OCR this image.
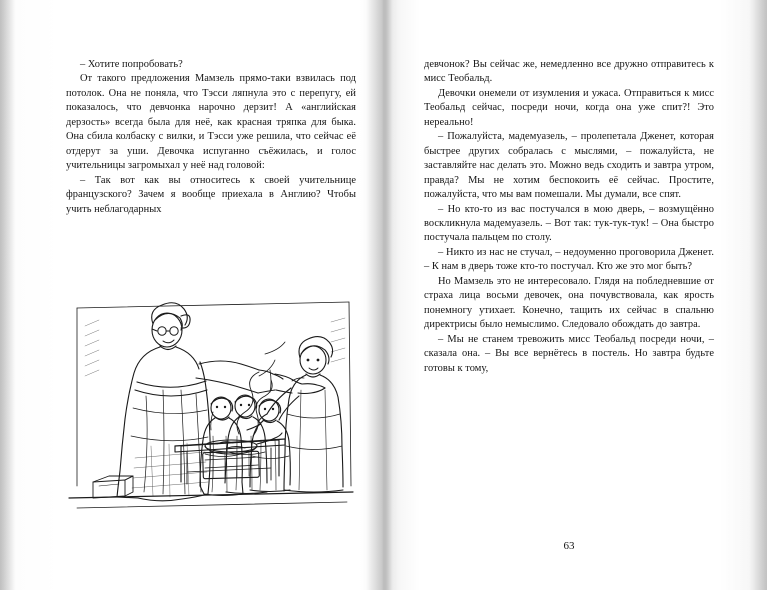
– Хотите попробовать?

От такого предложения Мамзель прямо-таки взвилась под потолок. Она не поняла, что Тэсси ляпнула это с перепугу, ей показалось, что девчонка нарочно дерзит! А «английская дерзость» всегда была для неё, как красная тряпка для быка. Она сбила колбаску с вилки, и Тэсси уже решила, что сейчас её отдерут за уши. Девочка испуганно съёжилась, и голос учительницы загромыхал у неё над головой:

– Так вот как вы относитесь к своей учительнице французского? Зачем я вообще приехала в Англию? Чтобы учить неблагодарных

девчонок? Вы сейчас же, немедленно все дружно отправитесь к мисс Теобальд.

Девочки онемели от изумления и ужаса. Отправиться к мисс Теобальд сейчас, посреди ночи, когда она уже спит?! Это нереально!

– Пожалуйста, мадемуазель, – пролепетала Дженет, которая быстрее других собралась с мыслями, – пожалуйста, не заставляйте нас делать это. Можно ведь сходить и завтра утром, правда? Мы не хотим беспокоить её сейчас. Простите, пожалуйста, что мы вам помешали. Мы думали, все спят.

– Но кто-то из вас постучался в мою дверь, – возмущённо воскликнула мадемуазель. – Вот так: тук-тук-тук! – Она быстро постучала пальцем по столу.

– Никто из нас не стучал, – недоуменно проговорила Дженет. – К нам в дверь тоже кто-то постучал. Кто же это мог быть?

Но Мамзель это не интересовало. Глядя на побледневшие от страха лица восьми девочек, она почувствовала, как ярость понемногу утихает. Конечно, тащить их сейчас в спальню директрисы было немыслимо. Следовало обождать до завтра.

– Мы не станем тревожить мисс Теобальд посреди ночи, – сказала она. – Вы все вернётесь в постель. Но завтра будьте готовы к тому,

63
